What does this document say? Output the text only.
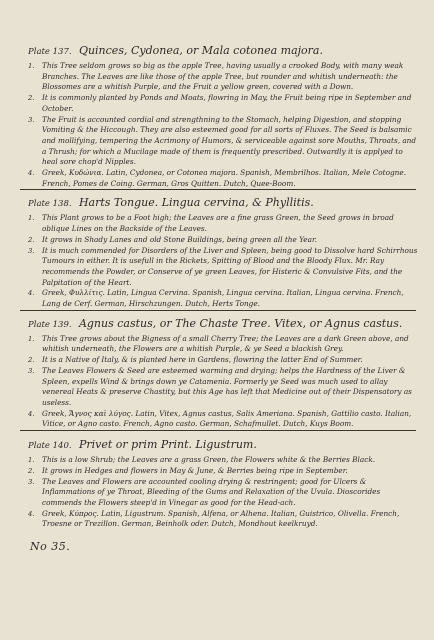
Plate 137. Quinces, Cydonea, or Mala cotonea majora.

1. This Tree seldom grows so big as the apple Tree, having usually a crooked Body, with many weak Branches. The Leaves are like those of the apple Tree, but rounder and whitish underneath: the Blossomes are a whitish Purple, and the Fruit a yellow green, covered with a Down.

2. It is commonly planted by Ponds and Moats, flowring in May, the Fruit being ripe in September and October.

3. The Fruit is accounted cordial and strengthning to the Stomach, helping Digestion, and stopping Vomiting & the Hiccough. They are also esteemed good for all sorts of Fluxes. The Seed is balsamic and mollifying, tempering the Acrimony of Humors, & serviceable against sore Mouths, Throats, and a Thrush; for which a Mucilage made of them is frequently prescribed. Outwardly it is applyed to heal sore chop'd Nipples.

4. Greek, Κυδώνια. Latin, Cydonea, or Cotonea majora. Spanish, Membrilhos. Italian, Mele Cotogne. French, Pomes de Coing. German, Gros Quitten. Dutch, Quee-Boom.

Plate 138. Harts Tongue. Lingua cervina, & Phyllitis.

1. This Plant grows to be a Foot high; the Leaves are a fine grass Green, the Seed grows in broad oblique Lines on the Backside of the Leaves.

2. It grows in Shady Lanes and old Stone Buildings, being green all the Year.

3. It is much commended for Disorders of the Liver and Spleen, being good to Dissolve hard Schirrhous Tumours in either. It is usefull in the Rickets, Spitting of Blood and the Bloody Flux. Mr. Ray recommends the Powder, or Conserve of ye green Leaves, for Histeric & Convulsive Fits, and the Palpitation of the Heart.

4. Greek, Φυλλίτις. Latin, Lingua Cervina. Spanish, Lingua cervina. Italian, Lingua cervina. French, Lang de Cerf. German, Hirschzungen. Dutch, Herts Tonge.

Plate 139. Agnus castus, or The Chaste Tree. Vitex, or Agnus castus.

1. This Tree grows about the Bigness of a small Cherry Tree; the Leaves are a dark Green above, and whitish underneath, the Flowers are a whitish Purple, & ye Seed a blackish Grey.

2. It is a Native of Italy, & is planted here in Gardens, flowring the latter End of Summer.

3. The Leaves Flowers & Seed are esteemed warming and drying; helps the Hardness of the Liver & Spleen, expells Wind & brings down ye Catamenia. Formerly ye Seed was much used to allay venereal Heats & preserve Chastity, but this Age has left that Medicine out of their Dispensatory as useless.

4. Greek, Ἄγνος καὶ λύγος. Latin, Vitex, Agnus castus, Salix Ameriana. Spanish, Gattilio casto. Italian, Vitice, or Agno casto. French, Agno casto. German, Schafmullet. Dutch, Kuys Boom.

Plate 140. Privet or prim Print. Ligustrum.

1. This is a low Shrub; the Leaves are a grass Green, the Flowers white & the Berries Black.

2. It grows in Hedges and flowers in May & June, & Berries being ripe in September.

3. The Leaves and Flowers are accounted cooling drying & restringent; good for Ulcers & Inflammations of ye Throat, Bleeding of the Gums and Relaxation of the Uvula. Dioscorides commends the Flowers steep'd in Vinegar as good for the Head-ach.

4. Greek, Κύπρος. Latin, Ligustrum. Spanish, Alfena, or Alhena. Italian, Guistrico, Olivella. French, Troesne or Trezillon. German, Beinholk oder. Dutch, Mondhout keelkruyd.

No 35.
